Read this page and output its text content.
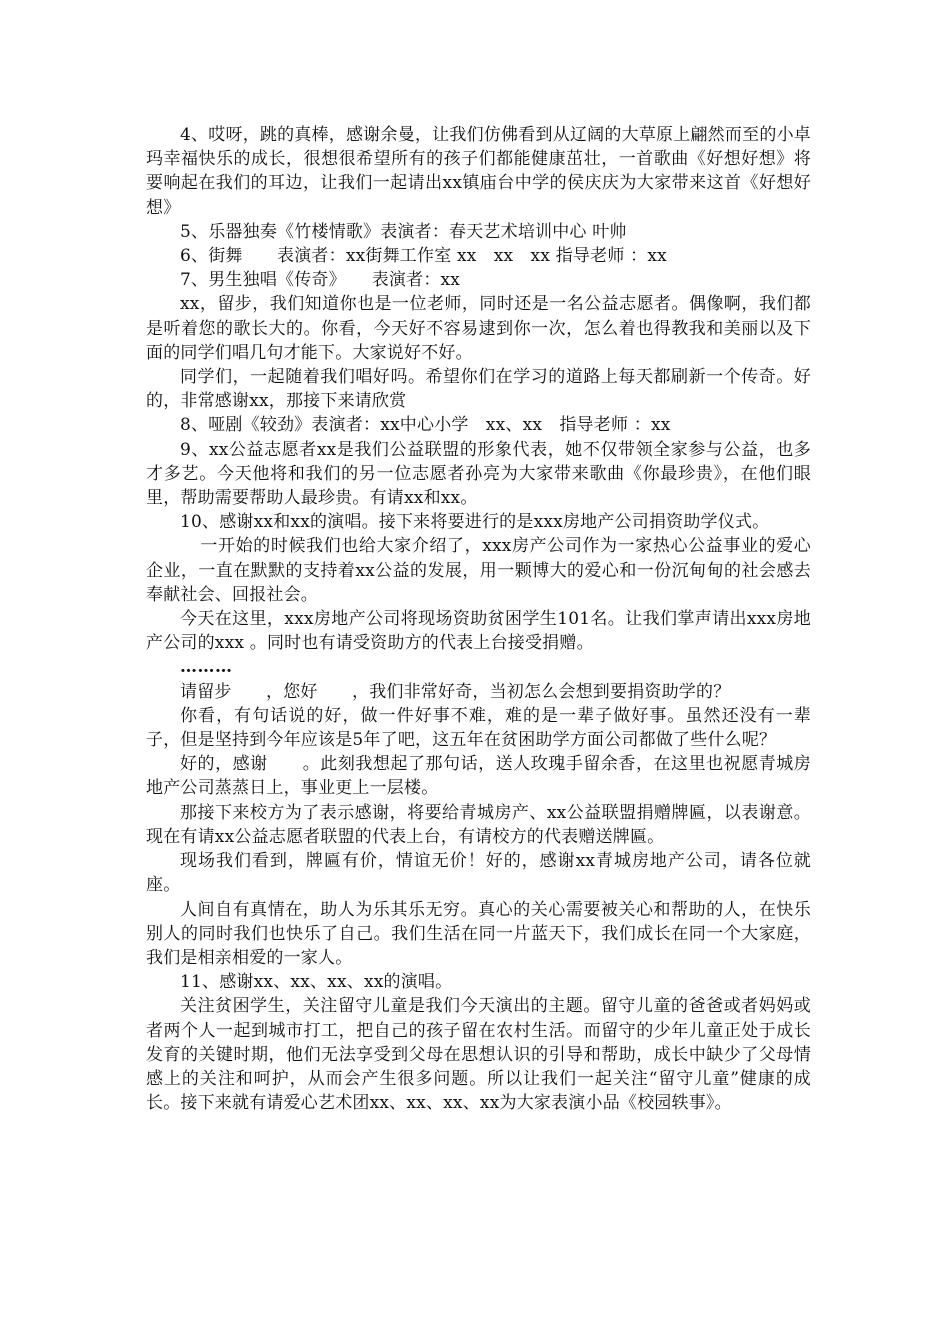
4、哎呀，跳的真棒，感谢余曼，让我们仿佛看到从辽阔的大草原上翩然而至的小卓玛幸福快乐的成长，很想很希望所有的孩子们都能健康茁壮，一首歌曲《好想好想》将要响起在我们的耳边，让我们一起请出xx镇庙台中学的侯庆庆为大家带来这首《好想好想》

5、乐器独奏《竹楼情歌》表演者：春天艺术培训中心 叶帅

6、街舞　　表演者：xx街舞工作室 xx　xx　xx 指导老师 ：xx

7、男生独唱《传奇》　　表演者：xx

xx，留步，我们知道你也是一位老师，同时还是一名公益志愿者。偶像啊，我们都是听着您的歌长大的。你看，今天好不容易逮到你一次，怎么着也得教我和美丽以及下面的同学们唱几句才能下。大家说好不好。

同学们，一起随着我们唱好吗。希望你们在学习的道路上每天都刷新一个传奇。好的，非常感谢xx，那接下来请欣赏

8、哑剧《较劲》表演者：xx中心小学　xx、xx　指导老师 ：xx

9、xx公益志愿者xx是我们公益联盟的形象代表，她不仅带领全家参与公益，也多才多艺。今天他将和我们的另一位志愿者孙亮为大家带来歌曲《你最珍贵》，在他们眼里，帮助需要帮助人最珍贵。有请xx和xx。

10、感谢xx和xx的演唱。接下来将要进行的是xxx房地产公司捐资助学仪式。

一开始的时候我们也给大家介绍了，xxx房产公司作为一家热心公益事业的爱心企业，一直在默默的支持着xx公益的发展，用一颗博大的爱心和一份沉甸甸的社会感去奉献社会、回报社会。

今天在这里，xxx房地产公司将现场资助贫困学生101名。让我们掌声请出xxx房地产公司的xxx 。同时也有请受资助方的代表上台接受捐赠。

………

请留步　　，您好　　，我们非常好奇，当初怎么会想到要捐资助学的？

你看，有句话说的好，做一件好事不难，难的是一辈子做好事。虽然还没有一辈子，但是坚持到今年应该是5年了吧，这五年在贫困助学方面公司都做了些什么呢？

好的，感谢　　。此刻我想起了那句话，送人玫瑰手留余香，在这里也祝愿青城房地产公司蒸蒸日上，事业更上一层楼。

那接下来校方为了表示感谢，将要给青城房产、xx公益联盟捐赠牌匾，以表谢意。现在有请xx公益志愿者联盟的代表上台，有请校方的代表赠送牌匾。

现场我们看到，牌匾有价，情谊无价！好的，感谢xx青城房地产公司，请各位就座。

人间自有真情在，助人为乐其乐无穷。真心的关心需要被关心和帮助的人，在快乐别人的同时我们也快乐了自己。我们生活在同一片蓝天下，我们成长在同一个大家庭，我们是相亲相爱的一家人。

11、感谢xx、xx、xx、xx的演唱。

关注贫困学生，关注留守儿童是我们今天演出的主题。留守儿童的爸爸或者妈妈或者两个人一起到城市打工，把自己的孩子留在农村生活。而留守的少年儿童正处于成长发育的关键时期，他们无法享受到父母在思想认识的引导和帮助，成长中缺少了父母情感上的关注和呵护，从而会产生很多问题。所以让我们一起关注“留守儿童”健康的成长。接下来就有请爱心艺术团xx、xx、xx、xx为大家表演小品《校园轶事》。
